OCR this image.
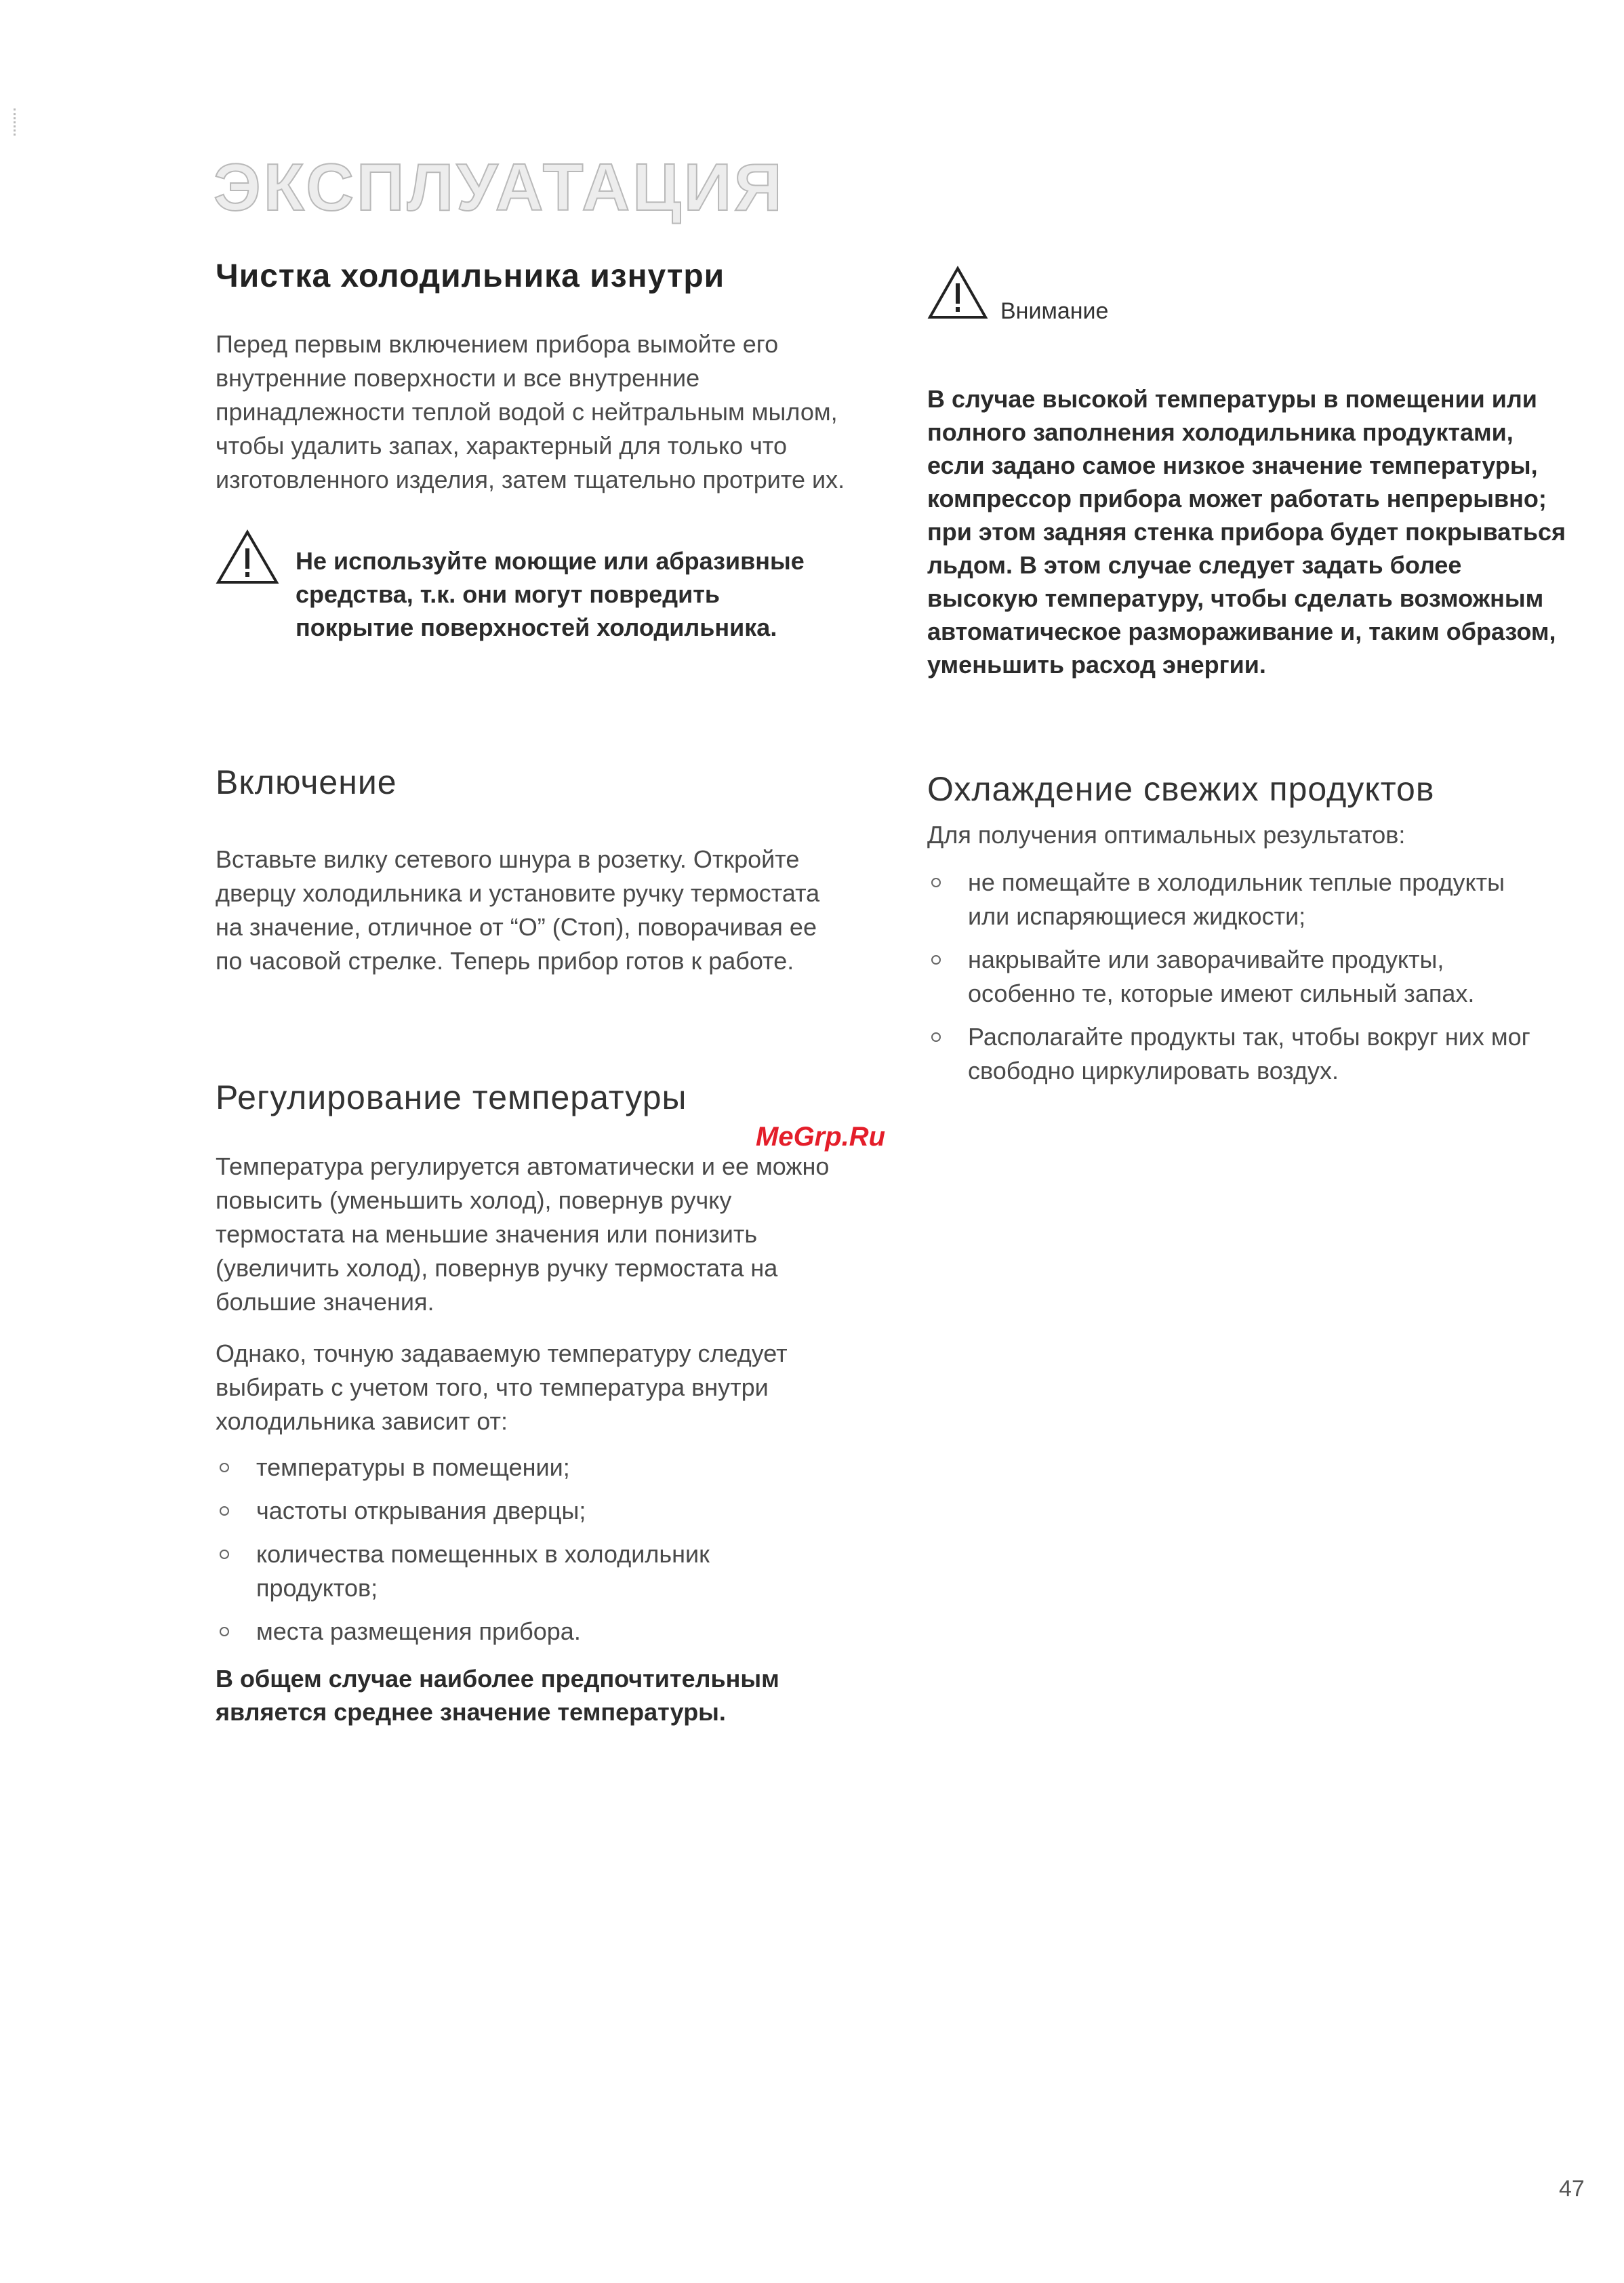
ЭКСПЛУАТАЦИЯ
Чистка холодильника изнутри

Перед первым включением прибора вымойте его внутренние поверхности и все внутренние принадлежности теплой водой с нейтральным мылом, чтобы удалить запах, характерный для только что изготовленного изделия, затем тщательно протрите их.

Не используйте моющие или абразивные средства, т.к. они могут повредить покрытие поверхностей холодильника.

Включение

Вставьте вилку сетевого шнура в розетку. Откройте дверцу холодильника и установите ручку термостата на значение, отличное от “O” (Стоп), поворачивая ее по часовой стрелке. Теперь прибор готов к работе.

Регулирование температуры

Температура регулируется автоматически и ее можно повысить (уменьшить холод), повернув ручку термостата на меньшие значения или понизить (увеличить холод), повернув ручку термостата на большие значения.

Однако, точную задаваемую температуру следует выбирать с учетом того, что температура внутри холодильника зависит от:

температуры в помещении;
частоты открывания дверцы;
количества помещенных в холодильник продуктов;
места размещения прибора.

В общем случае наиболее предпочтительным является среднее значение температуры.

MeGrp.Ru
Внимание

В случае высокой температуры в помещении или полного заполнения холодильника продуктами, если задано самое низкое значение температуры, компрессор прибора может работать непрерывно; при этом задняя стенка прибора будет покрываться льдом. В этом случае следует задать более высокую температуру, чтобы сделать возможным автоматическое размораживание и, таким образом, уменьшить расход энергии.

Охлаждение свежих продуктов

Для получения оптимальных результатов:

не помещайте в холодильник теплые продукты или испаряющиеся жидкости;
накрывайте или заворачивайте продукты, особенно те, которые имеют сильный запах.
Располагайте продукты так, чтобы вокруг них мог свободно циркулировать воздух.
47
